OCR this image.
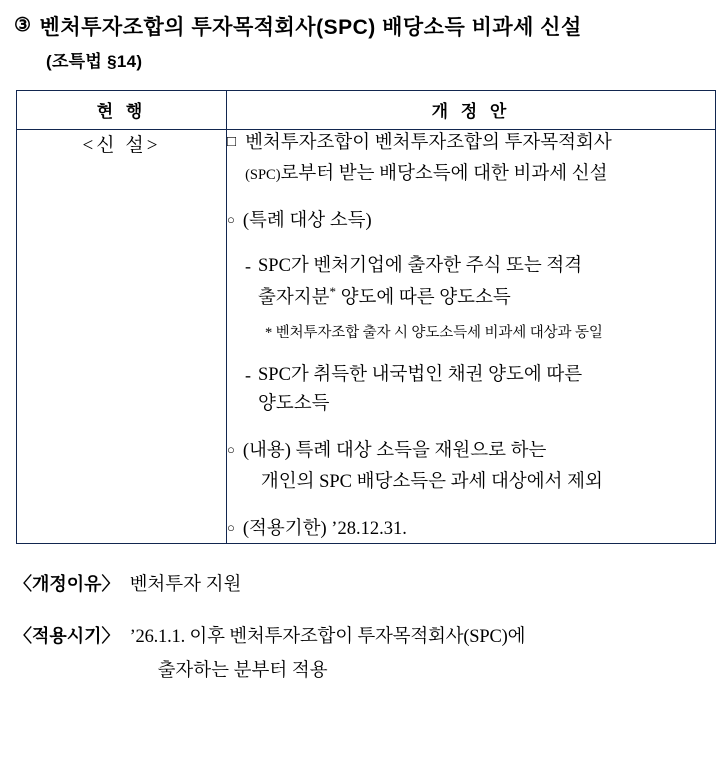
③ 벤처투자조합의 투자목적회사(SPC) 배당소득 비과세 신설
(조특법 §14)
현 행	개 정 안
<신 설>	□ 벤처투자조합이 벤처투자조합의 투자목적회사
(SPC)로부터 받는 배당소득에 대한 비과세 신설
○ (특례 대상 소득)
- SPC가 벤처기업에 출자한 주식 또는 적격
출자지분* 양도에 따른 양도소득
* 벤처투자조합 출자 시 양도소득세 비과세 대상과 동일
- SPC가 취득한 내국법인 채권 양도에 따른
양도소득
○ (내용) 특례 대상 소득을 재원으로 하는
개인의 SPC 배당소득은 과세 대상에서 제외
○ (적용기한) ’28.12.31.
〈개정이유〉 벤처투자 지원
〈적용시기〉 ’26.1.1. 이후 벤처투자조합이 투자목적회사(SPC)에
출자하는 분부터 적용
